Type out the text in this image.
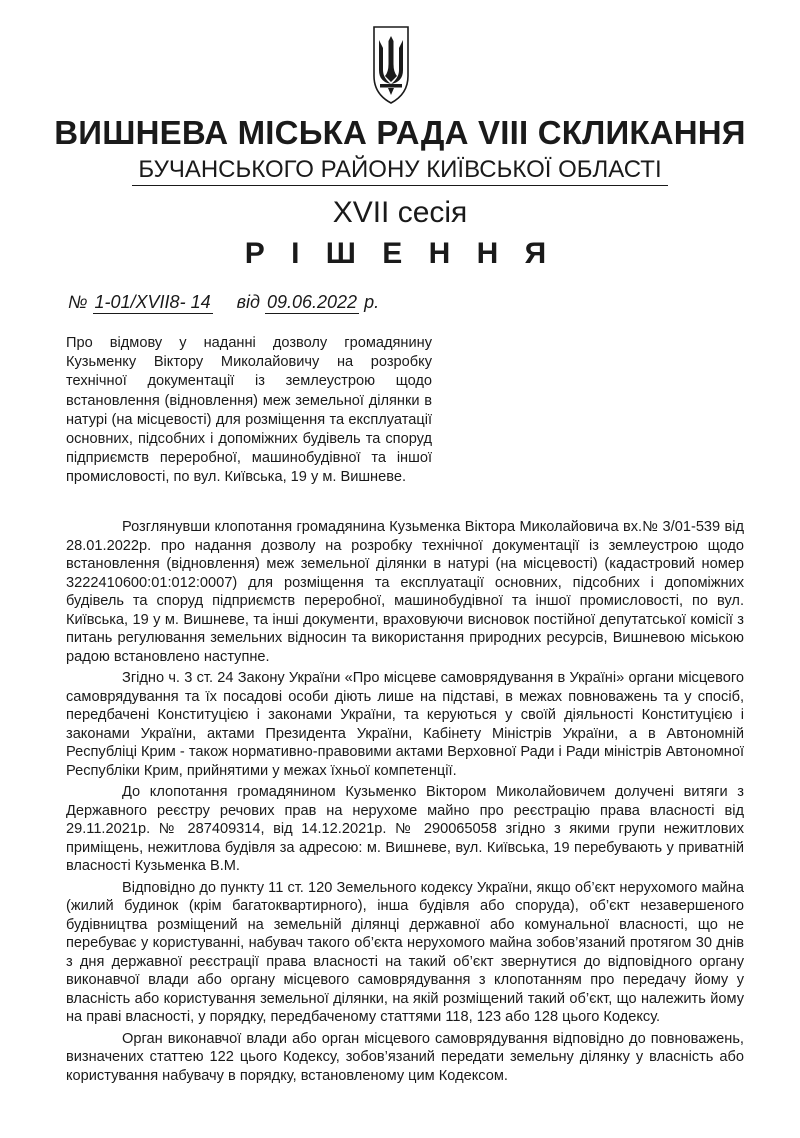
ВИШНЕВА МІСЬКА РАДА VIII СКЛИКАННЯ
БУЧАНСЬКОГО РАЙОНУ КИЇВСЬКОЇ ОБЛАСТІ
XVII сесія
Р І Ш Е Н Н Я
№ 1-01/XVII8- 14 від 09.06.2022 р.
Про відмову у наданні дозволу громадянину Кузьменку Віктору Миколайовичу на розробку технічної документації із землеустрою щодо встановлення (відновлення) меж земельної ділянки в натурі (на місцевості) для розміщення та експлуатації основних, підсобних і допоміжних будівель та споруд підприємств переробної, машинобудівної та іншої промисловості, по вул. Київська, 19 у м. Вишневе.

Розглянувши клопотання громадянина Кузьменка Віктора Миколайовича вх.№ 3/01-539 від 28.01.2022р. про надання дозволу на розробку технічної документації із землеустрою щодо встановлення (відновлення) меж земельної ділянки в натурі (на місцевості) (кадастровий номер 3222410600:01:012:0007) для розміщення та експлуатації основних, підсобних і допоміжних будівель та споруд підприємств переробної, машинобудівної та іншої промисловості, по вул. Київська, 19 у м. Вишневе, та інші документи, враховуючи висновок постійної депутатської комісії з питань регулювання земельних відносин та використання природних ресурсів, Вишневою міською радою встановлено наступне.

Згідно ч. 3 ст. 24 Закону України «Про місцеве самоврядування в Україні» органи місцевого самоврядування та їх посадові особи діють лише на підставі, в межах повноважень та у спосіб, передбачені Конституцією і законами України, та керуються у своїй діяльності Конституцією і законами України, актами Президента України, Кабінету Міністрів України, а в Автономній Республіці Крим - також нормативно-правовими актами Верховної Ради і Ради міністрів Автономної Республіки Крим, прийнятими у межах їхньої компетенції.

До клопотання громадянином Кузьменко Віктором Миколайовичем долучені витяги з Державного реєстру речових прав на нерухоме майно про реєстрацію права власності від 29.11.2021р. № 287409314, від 14.12.2021р. № 290065058 згідно з якими групи нежитлових приміщень, нежитлова будівля за адресою: м. Вишневе, вул. Київська, 19 перебувають у приватній власності Кузьменка В.М.

Відповідно до пункту 11 ст. 120 Земельного кодексу України, якщо об’єкт нерухомого майна (жилий будинок (крім багатоквартирного), інша будівля або споруда), об’єкт незавершеного будівництва розміщений на земельній ділянці державної або комунальної власності, що не перебуває у користуванні, набувач такого об’єкта нерухомого майна зобов’язаний протягом 30 днів з дня державної реєстрації права власності на такий об’єкт звернутися до відповідного органу виконавчої влади або органу місцевого самоврядування з клопотанням про передачу йому у власність або користування земельної ділянки, на якій розміщений такий об’єкт, що належить йому на праві власності, у порядку, передбаченому статтями 118, 123 або 128 цього Кодексу.

Орган виконавчої влади або орган місцевого самоврядування відповідно до повноважень, визначених статтею 122 цього Кодексу, зобов’язаний передати земельну ділянку у власність або користування набувачу в порядку, встановленому цим Кодексом.
